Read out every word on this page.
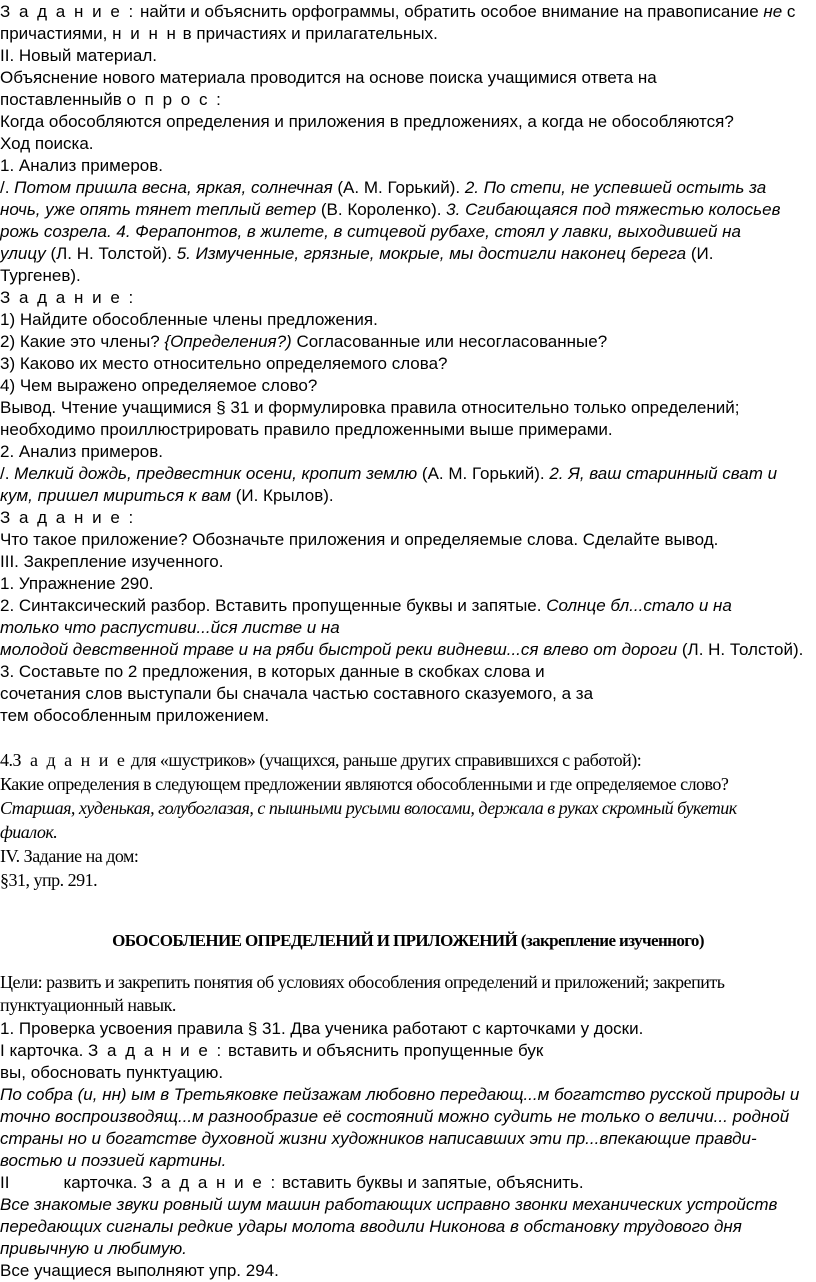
З а д а н и е : найти и объяснить орфограммы, обратить особое внимание на правописание не с
причастиями, н и н н в причастиях и прилагательных.
II. Новый материал.
Объяснение нового материала проводится на основе поиска учащимися ответа на
поставленныйв о п р о с :
Когда обособляются определения и приложения в предложениях, а когда не обособляются?
Ход поиска.
1. Анализ примеров.
/. Потом пришла весна, яркая, солнечная (А. М. Горький). 2. По степи, не успевшей остыть за
ночь, уже опять тянет теплый ветер (В. Короленко). 3. Сгибающаяся под тяжестью колосьев
рожь созрела. 4. Ферапонтов, в жилете, в ситцевой рубахе, стоял у лавки, выходившей на
улицу (Л. Н. Толстой). 5. Измученные, грязные, мокрые, мы достигли наконец берега (И.
Тургенев).
З а д а н и е :
1) Найдите обособленные члены предложения.
2) Какие это члены? {Определения?) Согласованные или несогласованные?
3) Каково их место относительно определяемого слова?
4) Чем выражено определяемое слово?
Вывод. Чтение учащимися § 31 и формулировка правила относительно только определений;
необходимо проиллюстрировать правило предложенными выше примерами.
2. Анализ примеров.
/. Мелкий дождь, предвестник осени, кропит землю (А. М. Горький). 2. Я, ваш старинный сват и
кум, пришел мириться к вам (И. Крылов).
З а д а н и е :
Что такое приложение? Обозначьте приложения и определяемые слова. Сделайте вывод.
III. Закрепление изученного.
1. Упражнение 290.
2. Синтаксический разбор. Вставить пропущенные буквы и запятые. Солнце бл...стало и на
только что распустиви...йся листве и на
молодой девственной траве и на ряби быстрой реки видневш...ся влево от дороги (Л. Н. Толстой).
3. Составьте по 2 предложения, в которых данные в скобках слова и
сочетания слов выступали бы сначала частью составного сказуемого, а за
тем обособленным приложением.
4.З а д а н и е для «шустриков» (учащихся, раньше других справившихся с работой):
Какие определения в следующем предложении являются обособленными и где определяемое слово?
Старшая, худенькая, голубоглазая, с пышными русыми волосами, держала в руках скромный букетик
фиалок.
IV. Задание на дом:
§31, упр. 291.
ОБОСОБЛЕНИЕ ОПРЕДЕЛЕНИЙ И ПРИЛОЖЕНИЙ (закрепление изученного)
Цели: развить и закрепить понятия об условиях обособления определений и приложений; закрепить
пунктуационный навык.
1. Проверка усвоения правила § 31. Два ученика работают с карточками у доски.
I карточка. З а д а н и е : вставить и объяснить пропущенные бук
вы, обосновать пунктуацию.
По собра (и, нн) ым в Третьяковке пейзажам любовно передающ...м богатство русской природы и
точно воспроизводящ...м разнообразие её состояний можно судить не только о величи... родной
страны но и богатстве духовной жизни художников написавших эти пр...впекающие правди-
востью и поэзией картины.
II	карточка. З а д а н и е : вставить буквы и запятые, объяснить.
Все знакомые звуки ровный шум машин работающих исправно звонки механических устройств
передающих сигналы редкие удары молота вводили Никонова в обстановку трудового дня
привычную и любимую.
Все учащиеся выполняют упр. 294.
